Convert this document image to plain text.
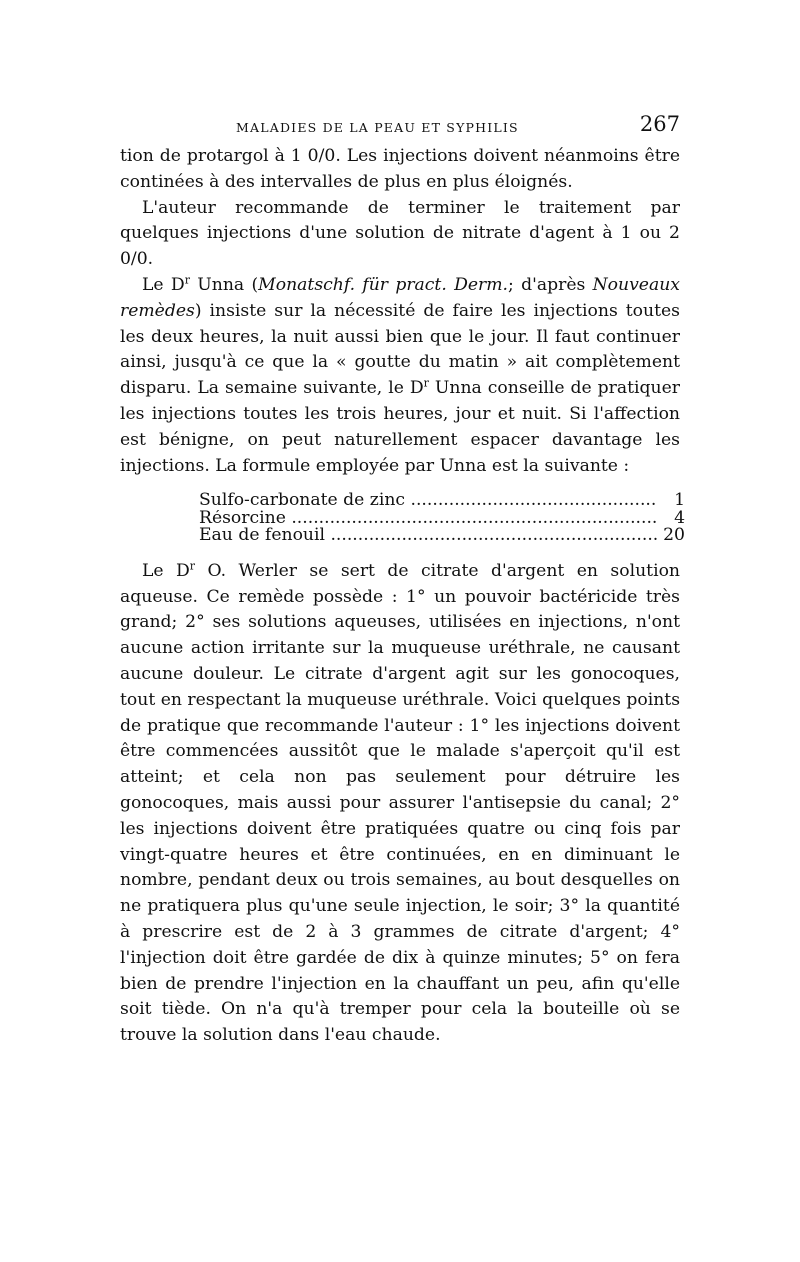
MALADIES DE LA PEAU ET SYPHILIS	267

tion de protargol à 1 0/0. Les injections doivent néanmoins être continées à des intervalles de plus en plus éloignés.

L'auteur recommande de terminer le traitement par quelques injections d'une solution de nitrate d'agent à 1 ou 2 0/0.

Le $D^r$ Unna (Monatschf. für pract. Derm.; d'après Nouveaux remèdes) insiste sur la nécessité de faire les injections toutes les deux heures, la nuit aussi bien que le jour. Il faut continuer ainsi, jusqu'à ce que la « goutte du matin » ait complètement disparu. La semaine suivante, le $D^r$ Unna conseille de pratiquer les injections toutes les trois heures, jour et nuit. Si l'affection est bénigne, on peut naturellement espacer davantage les injections. La formule employée par Unna est la suivante :

Sulfo-carbonate de zinc .....	1
Résorcine .....	4
Eau de fenouil .....	20

Le $D^r$ O. Werler se sert de citrate d'argent en solution aqueuse. Ce remède possède : 1° un pouvoir bactéricide très grand; 2° ses solutions aqueuses, utilisées en injections, n'ont aucune action irritante sur la muqueuse uréthrale, ne causant aucune douleur. Le citrate d'argent agit sur les gonocoques, tout en respectant la muqueuse uréthrale. Voici quelques points de pratique que recommande l'auteur : 1° les injections doivent être commencées aussitôt que le malade s'aperçoit qu'il est atteint; et cela non pas seulement pour détruire les gonocoques, mais aussi pour assurer l'antisepsie du canal; 2° les injections doivent être pratiquées quatre ou cinq fois par vingt-quatre heures et être continuées, en en diminuant le nombre, pendant deux ou trois semaines, au bout desquelles on ne pratiquera plus qu'une seule injection, le soir; 3° la quantité à prescrire est de 2 à 3 grammes de citrate d'argent; 4° l'injection doit être gardée de dix à quinze minutes; 5° on fera bien de prendre l'injection en la chauffant un peu, afin qu'elle soit tiède. On n'a qu'à tremper pour cela la bouteille où se trouve la solution dans l'eau chaude.
